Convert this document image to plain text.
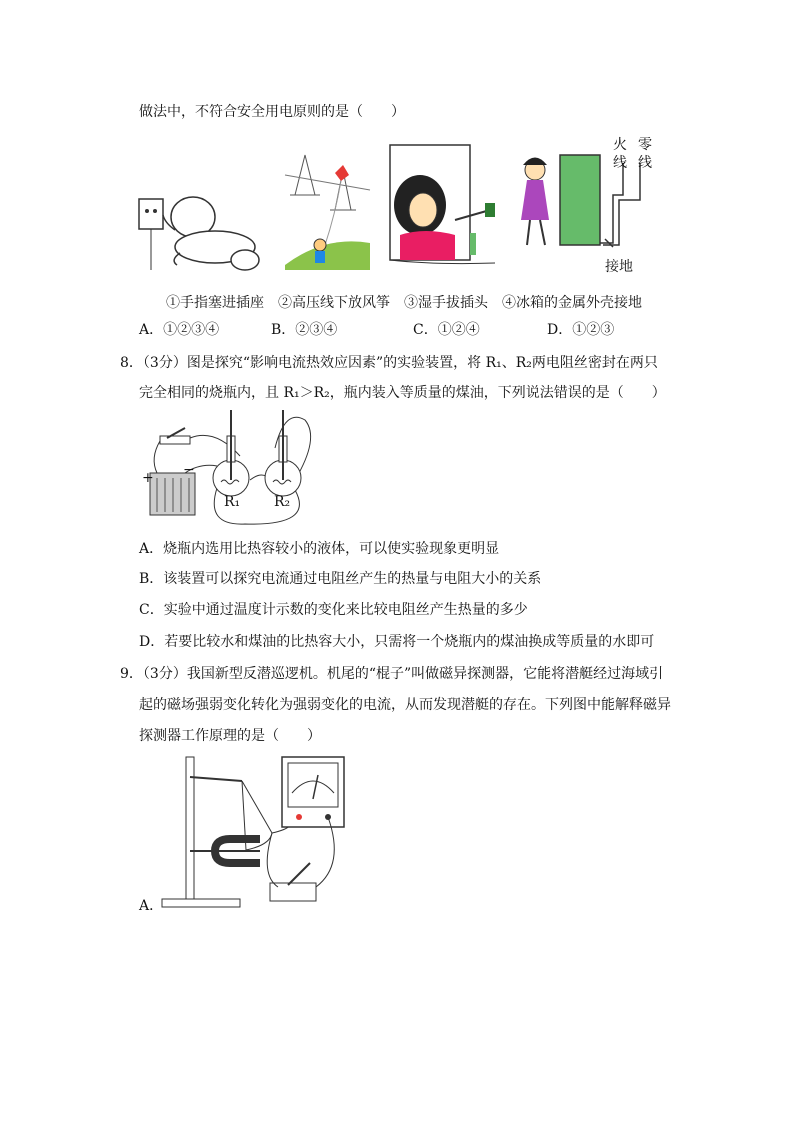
做法中，不符合安全用电原则的是（　　）
火
线
零
线
接地
①手指塞进插座　②高压线下放风筝　③湿手拔插头　④冰箱的金属外壳接地
A．①②③④	B．②③④	C．①②④	D．①②③
8．（3分）图是探究“影响电流热效应因素”的实验装置，将 R₁、R₂两电阻丝密封在两只
完全相同的烧瓶内，且 R₁＞R₂，瓶内装入等质量的煤油，下列说法错误的是（　　）
+ −
R₁ R₂
A．烧瓶内选用比热容较小的液体，可以使实验现象更明显
B．该装置可以探究电流通过电阻丝产生的热量与电阻大小的关系
C．实验中通过温度计示数的变化来比较电阻丝产生热量的多少
D．若要比较水和煤油的比热容大小，只需将一个烧瓶内的煤油换成等质量的水即可
9．（3分）我国新型反潜巡逻机。机尾的“棍子”叫做磁异探测器，它能将潜艇经过海域引
起的磁场强弱变化转化为强弱变化的电流，从而发现潜艇的存在。下列图中能解释磁异
探测器工作原理的是（　　）
A．
